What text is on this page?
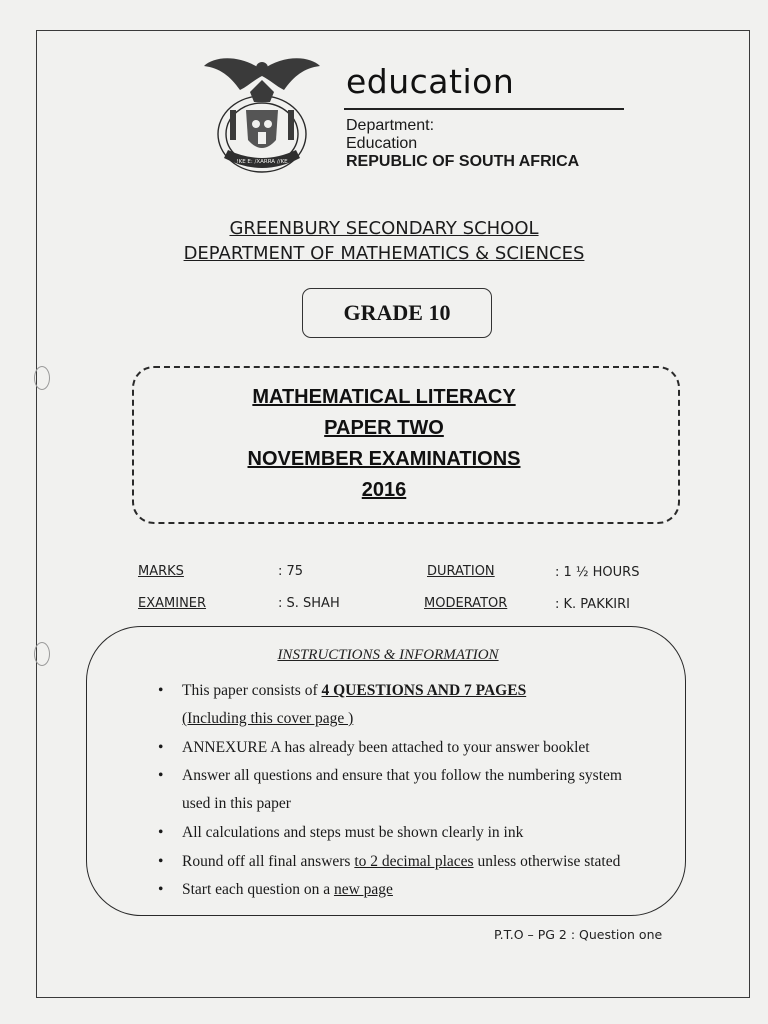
!KE E: /XARRA //KE
education
Department:
Education
REPUBLIC OF SOUTH AFRICA
GREENBURY SECONDARY SCHOOL
DEPARTMENT OF MATHEMATICS & SCIENCES
GRADE 10
MATHEMATICAL LITERACY
PAPER TWO
NOVEMBER EXAMINATIONS
2016
MARKS	: 75	DURATION	: 1 ½ HOURS
EXAMINER	: S. SHAH	MODERATOR	: K. PAKKIRI
INSTRUCTIONS & INFORMATION
• This paper consists of 4 QUESTIONS AND 7 PAGES
(Including this cover page )
• ANNEXURE A has already been attached to your answer booklet
• Answer all questions and ensure that you follow the numbering system
used in this paper
• All calculations and steps must be shown clearly in ink
• Round off all final answers to 2 decimal places unless otherwise stated
• Start each question on a new page
P.T.O – PG 2 : Question one
